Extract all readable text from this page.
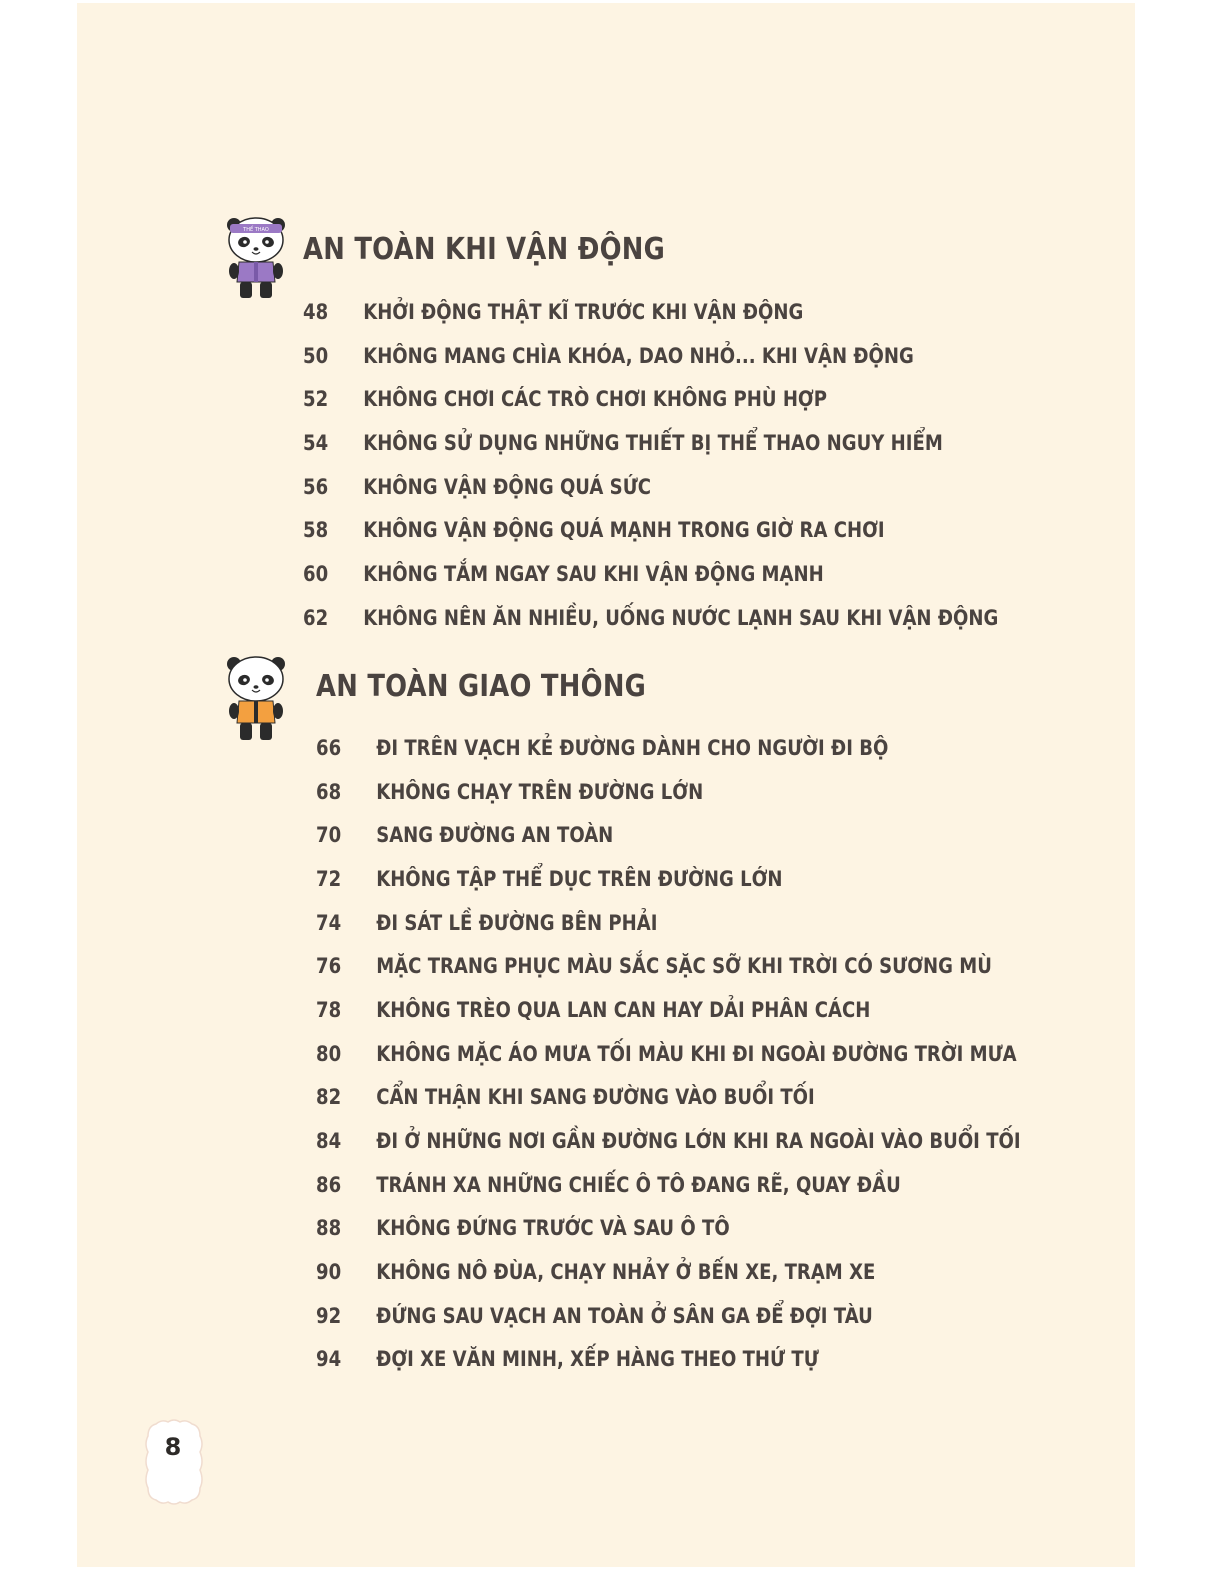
THỂ THAO
AN TOÀN KHI VẬN ĐỘNG
48	KHỞI ĐỘNG THẬT KĨ TRƯỚC KHI VẬN ĐỘNG
50	KHÔNG MANG CHÌA KHÓA, DAO NHỎ... KHI VẬN ĐỘNG
52	KHÔNG CHƠI CÁC TRÒ CHƠI KHÔNG PHÙ HỢP
54	KHÔNG SỬ DỤNG NHỮNG THIẾT BỊ THỂ THAO NGUY HIỂM
56	KHÔNG VẬN ĐỘNG QUÁ SỨC
58	KHÔNG VẬN ĐỘNG QUÁ MẠNH TRONG GIỜ RA CHƠI
60	KHÔNG TẮM NGAY SAU KHI VẬN ĐỘNG MẠNH
62	KHÔNG NÊN ĂN NHIỀU, UỐNG NƯỚC LẠNH SAU KHI VẬN ĐỘNG
AN TOÀN GIAO THÔNG
66	ĐI TRÊN VẠCH KẺ ĐƯỜNG DÀNH CHO NGƯỜI ĐI BỘ
68	KHÔNG CHẠY TRÊN ĐƯỜNG LỚN
70	SANG ĐƯỜNG AN TOÀN
72	KHÔNG TẬP THỂ DỤC TRÊN ĐƯỜNG LỚN
74	ĐI SÁT LỀ ĐƯỜNG BÊN PHẢI
76	MẶC TRANG PHỤC MÀU SẮC SẶC SỠ KHI TRỜI CÓ SƯƠNG MÙ
78	KHÔNG TRÈO QUA LAN CAN HAY DẢI PHÂN CÁCH
80	KHÔNG MẶC ÁO MƯA TỐI MÀU KHI ĐI NGOÀI ĐƯỜNG TRỜI MƯA
82	CẨN THẬN KHI SANG ĐƯỜNG VÀO BUỔI TỐI
84	ĐI Ở NHỮNG NƠI GẦN ĐƯỜNG LỚN KHI RA NGOÀI VÀO BUỔI TỐI
86	TRÁNH XA NHỮNG CHIẾC Ô TÔ ĐANG RẼ, QUAY ĐẦU
88	KHÔNG ĐỨNG TRƯỚC VÀ SAU Ô TÔ
90	KHÔNG NÔ ĐÙA, CHẠY NHẢY Ở BẾN XE, TRẠM XE
92	ĐỨNG SAU VẠCH AN TOÀN Ở SÂN GA ĐỂ ĐỢI TÀU
94	ĐỢI XE VĂN MINH, XẾP HÀNG THEO THỨ TỰ
8
